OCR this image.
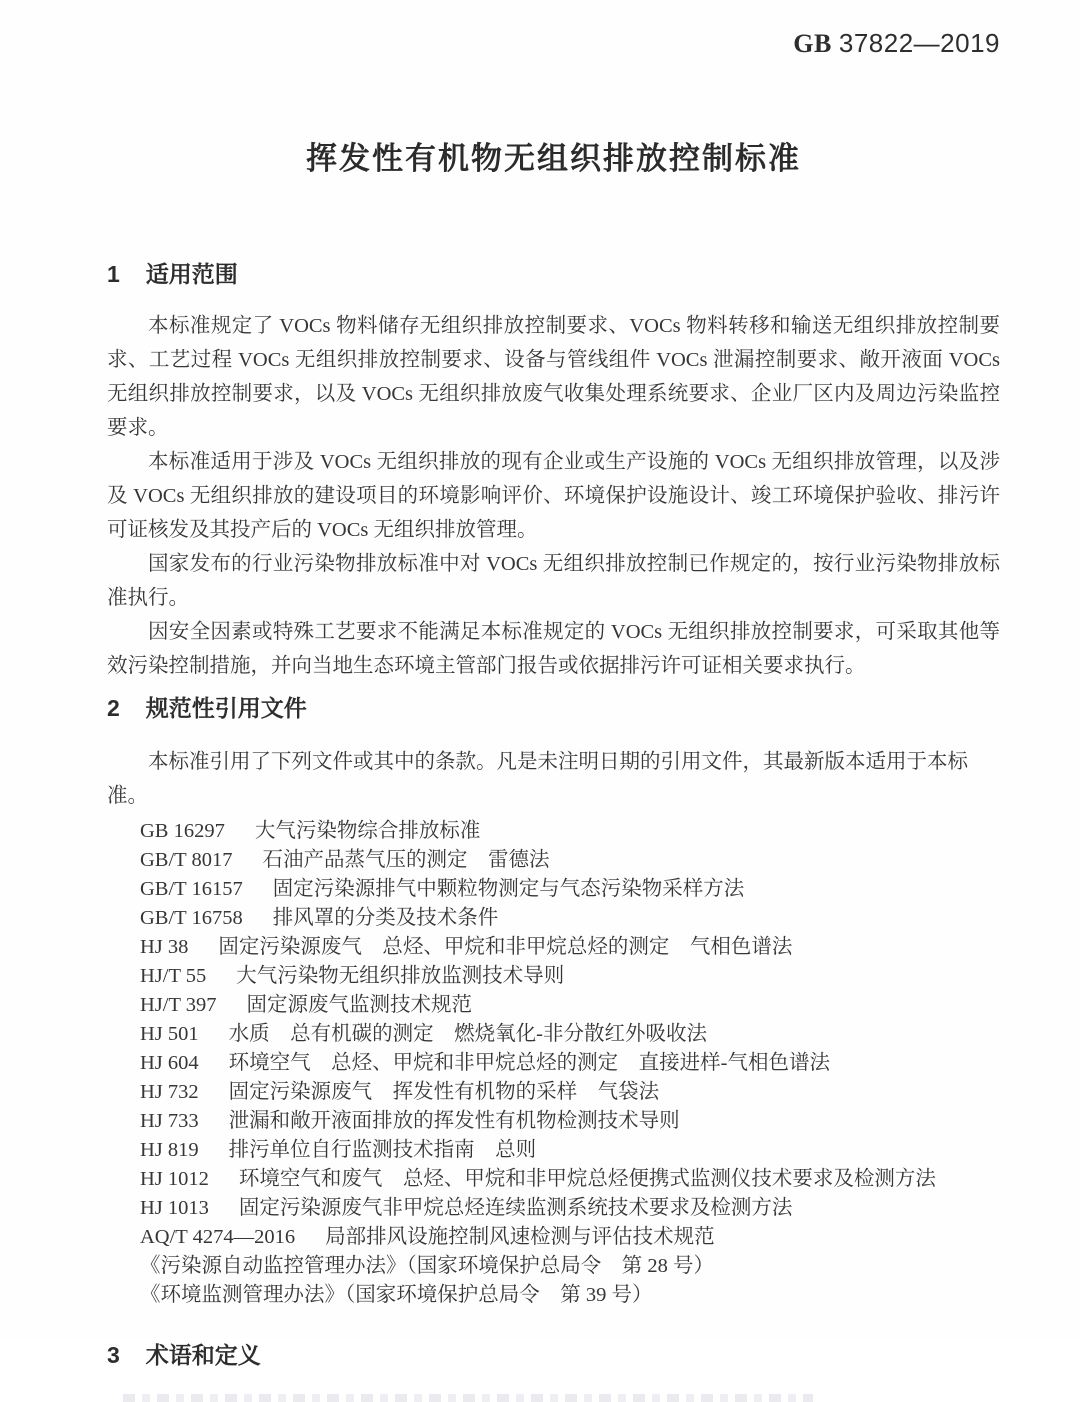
GB 37822—2019
挥发性有机物无组织排放控制标准
1 适用范围

本标准规定了 VOCs 物料储存无组织排放控制要求、VOCs 物料转移和输送无组织排放控制要求、工艺过程 VOCs 无组织排放控制要求、设备与管线组件 VOCs 泄漏控制要求、敞开液面 VOCs 无组织排放控制要求，以及 VOCs 无组织排放废气收集处理系统要求、企业厂区内及周边污染监控要求。

本标准适用于涉及 VOCs 无组织排放的现有企业或生产设施的 VOCs 无组织排放管理，以及涉及 VOCs 无组织排放的建设项目的环境影响评价、环境保护设施设计、竣工环境保护验收、排污许可证核发及其投产后的 VOCs 无组织排放管理。

国家发布的行业污染物排放标准中对 VOCs 无组织排放控制已作规定的，按行业污染物排放标准执行。

因安全因素或特殊工艺要求不能满足本标准规定的 VOCs 无组织排放控制要求，可采取其他等效污染控制措施，并向当地生态环境主管部门报告或依据排污许可证相关要求执行。

2 规范性引用文件

本标准引用了下列文件或其中的条款。凡是未注明日期的引用文件，其最新版本适用于本标准。

GB 16297 大气污染物综合排放标准
GB/T 8017 石油产品蒸气压的测定　雷德法
GB/T 16157 固定污染源排气中颗粒物测定与气态污染物采样方法
GB/T 16758 排风罩的分类及技术条件
HJ 38 固定污染源废气　总烃、甲烷和非甲烷总烃的测定　气相色谱法
HJ/T 55 大气污染物无组织排放监测技术导则
HJ/T 397 固定源废气监测技术规范
HJ 501 水质　总有机碳的测定　燃烧氧化-非分散红外吸收法
HJ 604 环境空气　总烃、甲烷和非甲烷总烃的测定　直接进样-气相色谱法
HJ 732 固定污染源废气　挥发性有机物的采样　气袋法
HJ 733 泄漏和敞开液面排放的挥发性有机物检测技术导则
HJ 819 排污单位自行监测技术指南　总则
HJ 1012 环境空气和废气　总烃、甲烷和非甲烷总烃便携式监测仪技术要求及检测方法
HJ 1013 固定污染源废气非甲烷总烃连续监测系统技术要求及检测方法
AQ/T 4274—2016 局部排风设施控制风速检测与评估技术规范
《污染源自动监控管理办法》（国家环境保护总局令　第 28 号）
《环境监测管理办法》（国家环境保护总局令　第 39 号）
3 术语和定义
